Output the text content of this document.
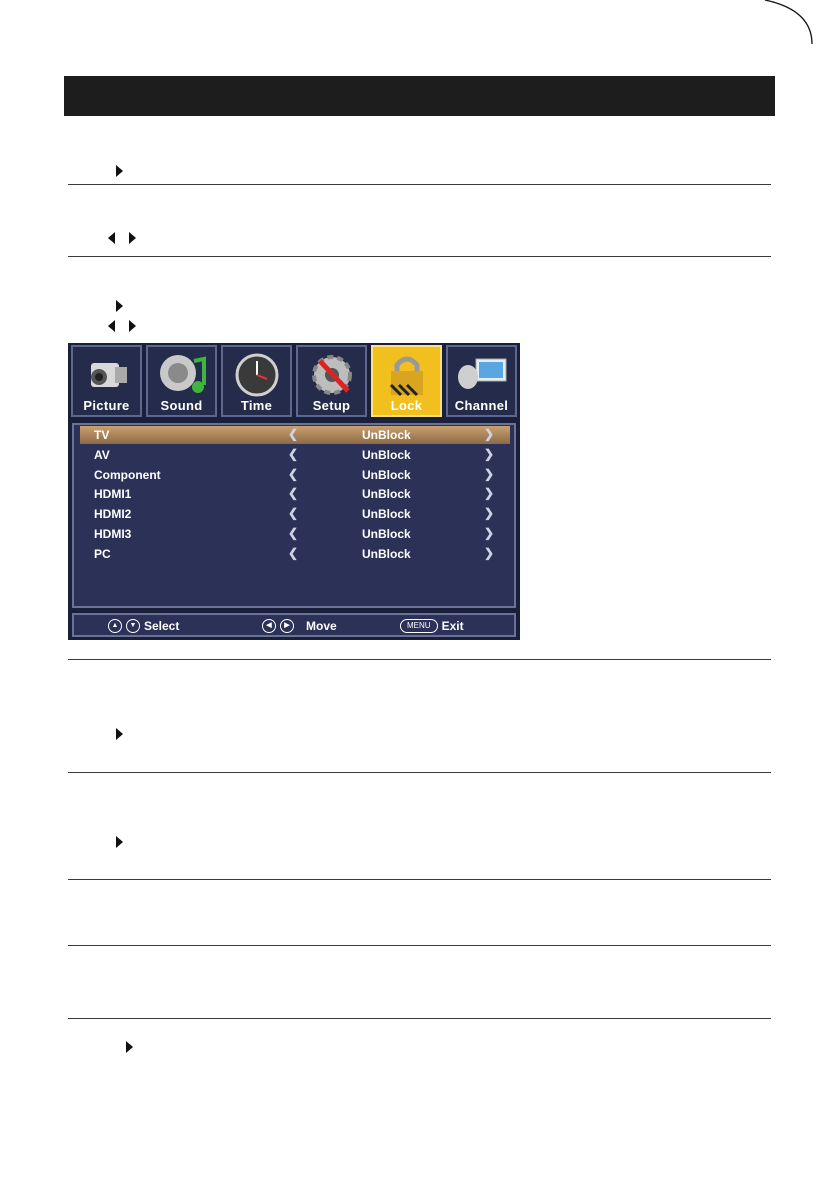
Picture	Sound	Time	Setup	Lock	Channel
TV	❮	UnBlock	❯
AV	❮	UnBlock	❯
Component	❮	UnBlock	❯
HDMI1	❮	UnBlock	❯
HDMI2	❮	UnBlock	❯
HDMI3	❮	UnBlock	❯
PC	❮	UnBlock	❯
▲	▼ Select	◀	▶	Move	MENU Exit
